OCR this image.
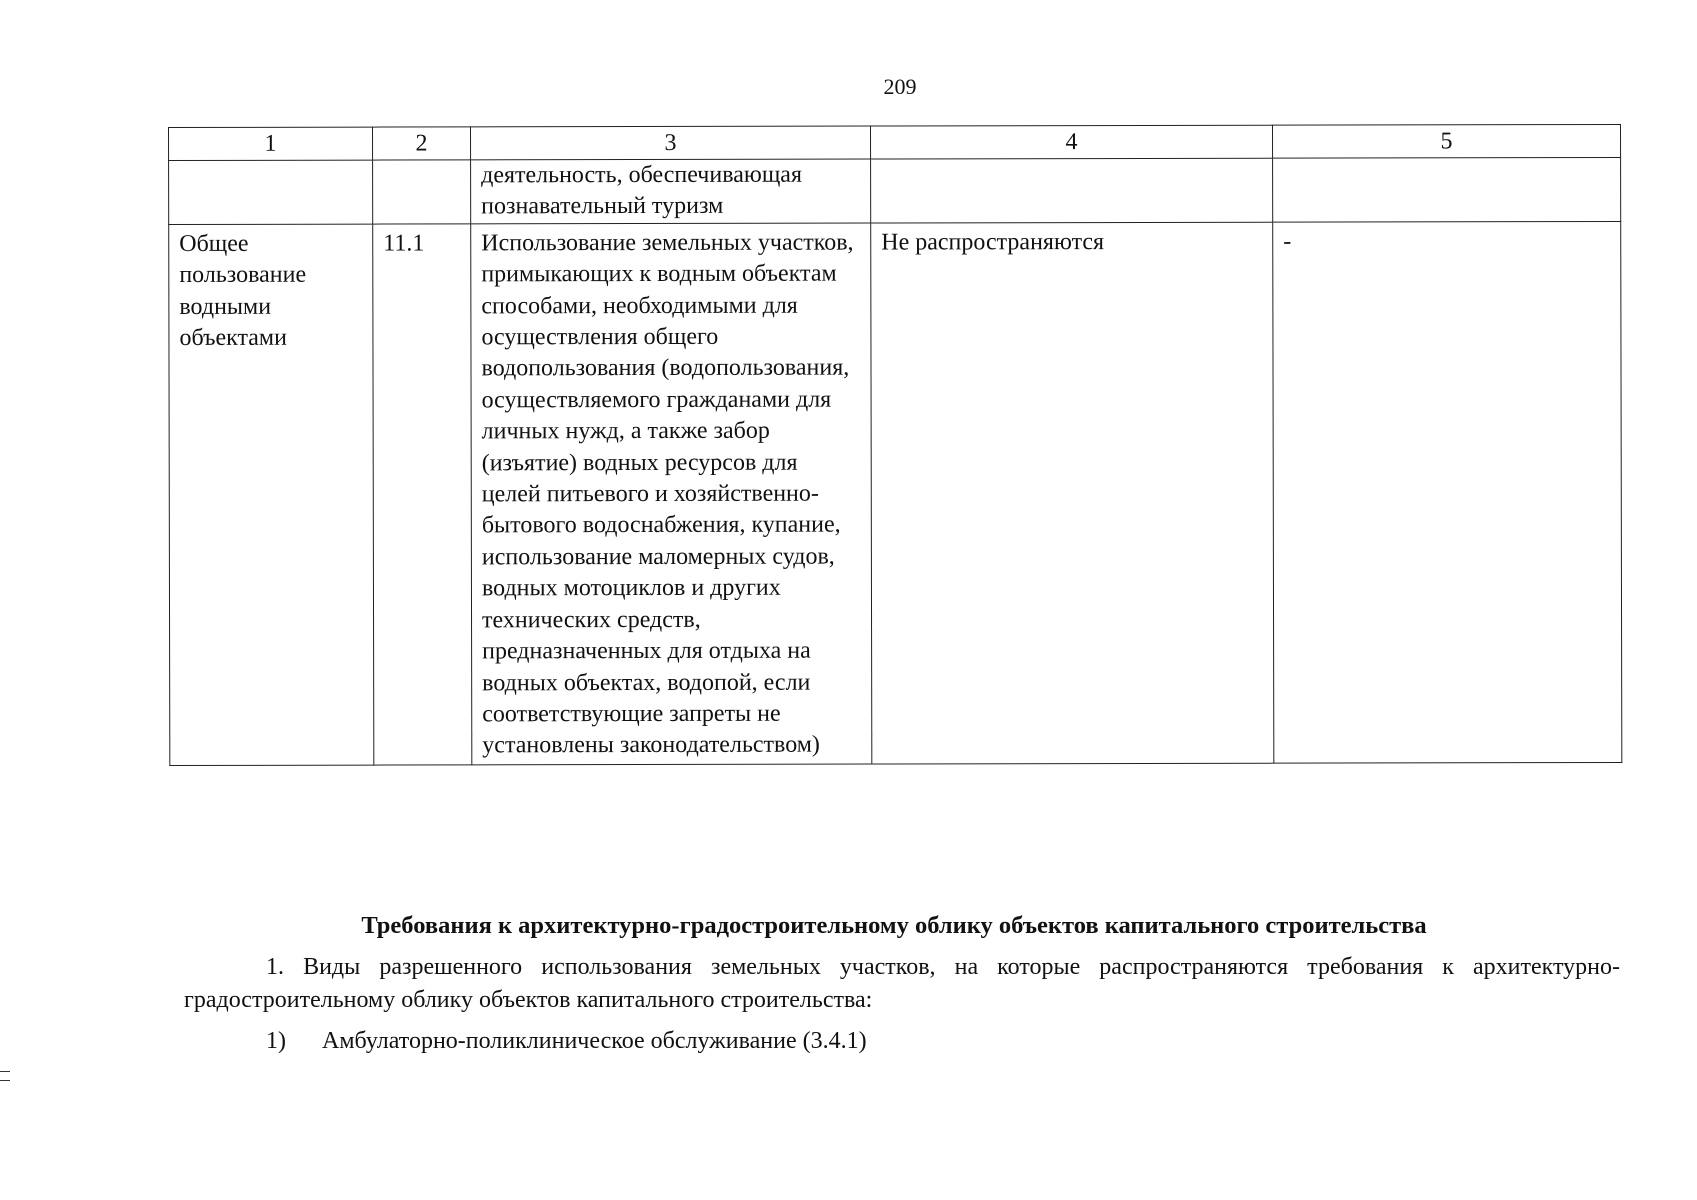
209
1	2	3	4	5
		деятельность, обеспечивающая познавательный туризм		
Общее пользование водными объектами	11.1	Использование земельных участков, примыкающих к водным объектам способами, необходимыми для осуществления общего водопользования (водопользования, осуществляемого гражданами для личных нужд, а также забор (изъятие) водных ресурсов для целей питьевого и хозяйственно-бытового водоснабжения, купание, использование маломерных судов, водных мотоциклов и других технических средств, предназначенных для отдыха на водных объектах, водопой, если соответствующие запреты не установлены законодательством)	Не распространяются	-
Требования к архитектурно-градостроительному облику объектов капитального строительства
1. Виды разрешенного использования земельных участков, на которые распространяются требования к архитектурно-градостроительному облику объектов капитального строительства:
1) Амбулаторно-поликлиническое обслуживание (3.4.1)
